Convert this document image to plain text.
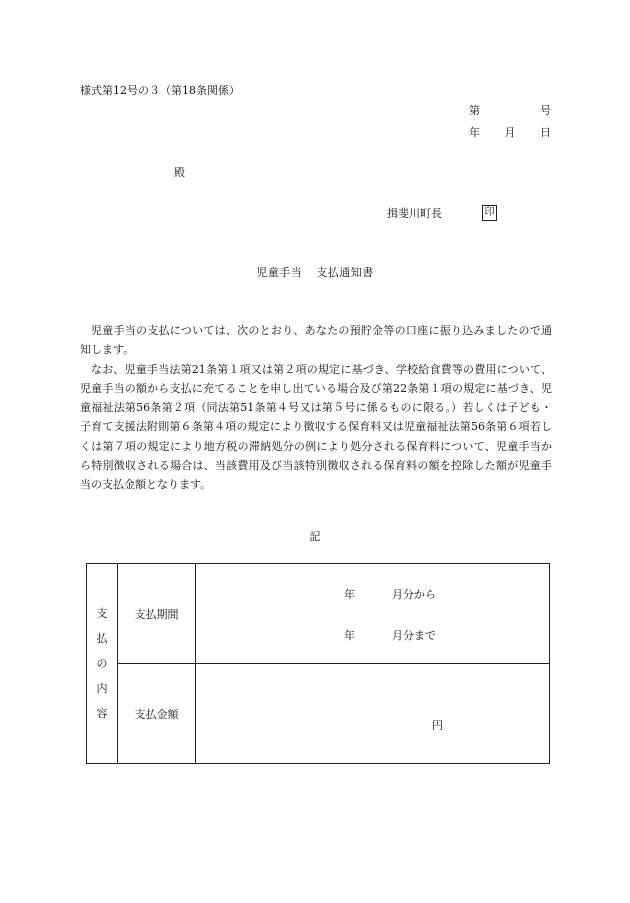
様式第12号の３（第18条関係）
第	号
年 月 日
殿
揖斐川町長	印
児童手当 支払通知書

児童手当の支払については、次のとおり、あなたの預貯金等の口座に振り込みましたので通知します。

なお、児童手当法第21条第１項又は第２項の規定に基づき、学校給食費等の費用について、児童手当の額から支払に充てることを申し出ている場合及び第22条第１項の規定に基づき、児童福祉法第56条第２項（同法第51条第４号又は第５号に係るものに限る。）若しくは子ども・子育て支援法附則第６条第４項の規定により徴収する保育料又は児童福祉法第56条第６項若しくは第７項の規定により地方税の滞納処分の例により処分される保育料について、児童手当から特別徴収される場合は、当該費用及び当該特別徴収される保育料の額を控除した額が児童手当の支払金額となります。

記
支
払
の
内
容	支払期間	年 月分から
年 月分まで

	支払金額	円
